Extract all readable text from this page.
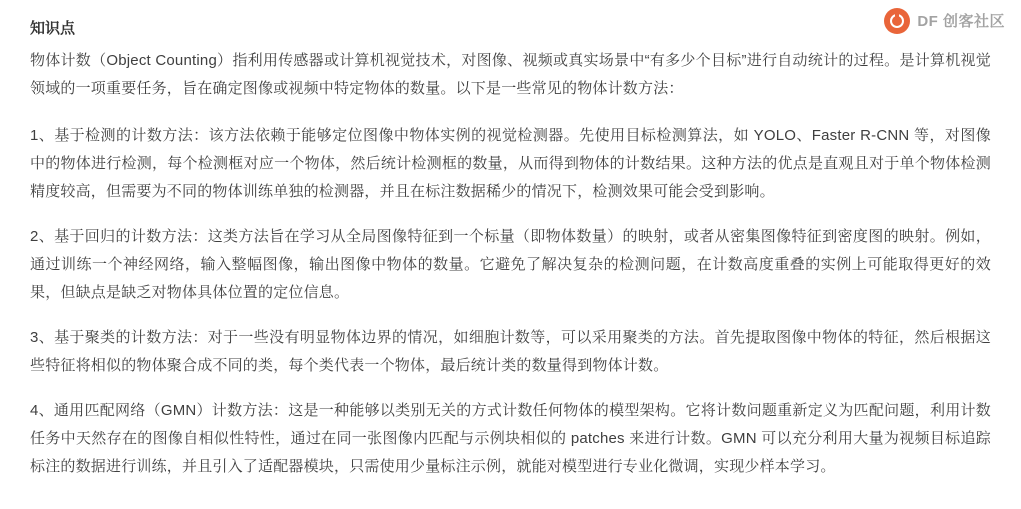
DF 创客社区
知识点

物体计数（Object Counting）指利用传感器或计算机视觉技术，对图像、视频或真实场景中“有多少个目标”进行自动统计的过程。是计算机视觉领域的一项重要任务，旨在确定图像或视频中特定物体的数量。以下是一些常见的物体计数方法：

1、基于检测的计数方法：该方法依赖于能够定位图像中物体实例的视觉检测器。先使用目标检测算法，如 YOLO、Faster R-CNN 等，对图像中的物体进行检测，每个检测框对应一个物体，然后统计检测框的数量，从而得到物体的计数结果。这种方法的优点是直观且对于单个物体检测精度较高，但需要为不同的物体训练单独的检测器，并且在标注数据稀少的情况下，检测效果可能会受到影响。

2、基于回归的计数方法：这类方法旨在学习从全局图像特征到一个标量（即物体数量）的映射，或者从密集图像特征到密度图的映射。例如，通过训练一个神经网络，输入整幅图像，输出图像中物体的数量。它避免了解决复杂的检测问题，在计数高度重叠的实例上可能取得更好的效果，但缺点是缺乏对物体具体位置的定位信息。

3、基于聚类的计数方法：对于一些没有明显物体边界的情况，如细胞计数等，可以采用聚类的方法。首先提取图像中物体的特征，然后根据这些特征将相似的物体聚合成不同的类，每个类代表一个物体，最后统计类的数量得到物体计数。

4、通用匹配网络（GMN）计数方法：这是一种能够以类别无关的方式计数任何物体的模型架构。它将计数问题重新定义为匹配问题，利用计数任务中天然存在的图像自相似性特性，通过在同一张图像内匹配与示例块相似的 patches 来进行计数。GMN 可以充分利用大量为视频目标追踪标注的数据进行训练，并且引入了适配器模块，只需使用少量标注示例，就能对模型进行专业化微调，实现少样本学习。
